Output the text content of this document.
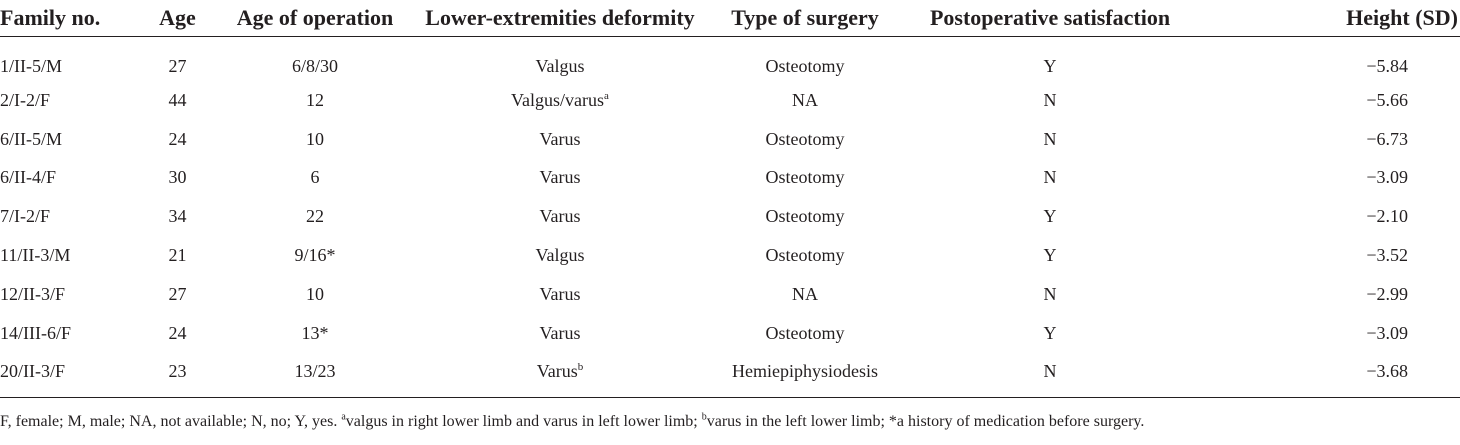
Family no.	Age	Age of operation	Lower-extremities deformity	Type of surgery	Postoperative satisfaction	Height (SD)
1/II-5/M	27	6/8/30	Valgus	Osteotomy	Y	−5.84
2/I-2/F	44	12	Valgus/varus$^a$	NA	N	−5.66
6/II-5/M	24	10	Varus	Osteotomy	N	−6.73
6/II-4/F	30	6	Varus	Osteotomy	N	−3.09
7/I-2/F	34	22	Varus	Osteotomy	Y	−2.10
11/II-3/M	21	9/16*	Valgus	Osteotomy	Y	−3.52
12/II-3/F	27	10	Varus	NA	N	−2.99
14/III-6/F	24	13*	Varus	Osteotomy	Y	−3.09
20/II-3/F	23	13/23	Varus$^b$	Hemiepiphysiodesis	N	−3.68
F, female; M, male; NA, not available; N, no; Y, yes. $^a$valgus in right lower limb and varus in left lower limb; $^b$varus in the left lower limb; *a history of medication before surgery.
